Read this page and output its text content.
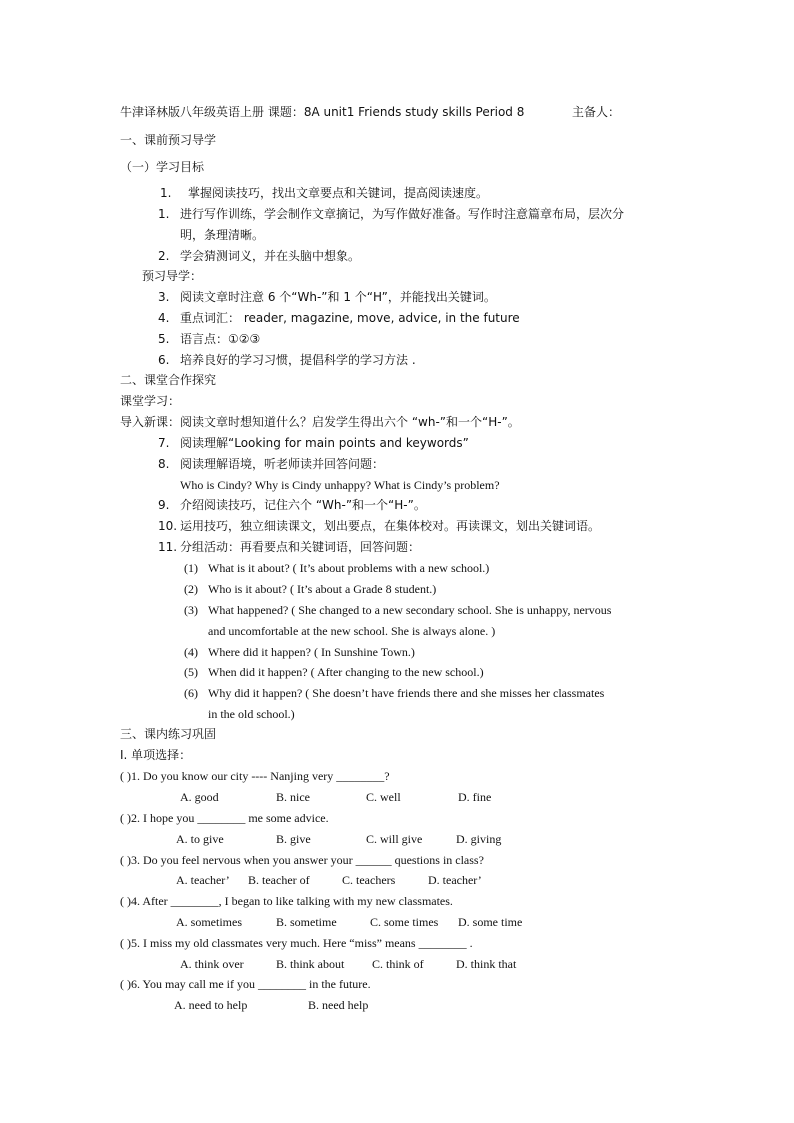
牛津译林版八年级英语上册 课题：8A unit1 Friends study skills Period 8	主备人：
一、课前预习导学
（一）学习目标
1. 掌握阅读技巧，找出文章要点和关键词，提高阅读速度。
1. 进行写作训练，学会制作文章摘记，为写作做好准备。写作时注意篇章布局，层次分
明，条理清晰。
2. 学会猜测词义，并在头脑中想象。
预习导学：
3. 阅读文章时注意 6 个“Wh-”和 1 个“H”，并能找出关键词。
4. 重点词汇： reader, magazine, move, advice, in the future
5. 语言点：①②③
6. 培养良好的学习习惯，提倡科学的学习方法 .
二、课堂合作探究
课堂学习：
导入新课：阅读文章时想知道什么？启发学生得出六个 “wh-”和一个“H-”。
7. 阅读理解“Looking for main points and keywords”
8. 阅读理解语境，听老师读并回答问题：
Who is Cindy? Why is Cindy unhappy? What is Cindy’s problem?
9. 介绍阅读技巧，记住六个 “Wh-”和一个“H-”。
10. 运用技巧，独立细读课文，划出要点，在集体校对。再读课文，划出关键词语。
11. 分组活动：再看要点和关键词语，回答问题：
(1) What is it about? ( It’s about problems with a new school.)
(2) Who is it about? ( It’s about a Grade 8 student.)
(3) What happened? ( She changed to a new secondary school. She is unhappy, nervous
and uncomfortable at the new school. She is always alone. )
(4) Where did it happen? ( In Sunshine Town.)
(5) When did it happen? ( After changing to the new school.)
(6) Why did it happen? ( She doesn’t have friends there and she misses her classmates
in the old school.)
三、课内练习巩固
Ⅰ. 单项选择：
( )1. Do you know our city ---- Nanjing very ________?
A. good	B. nice	C. well	D. fine
( )2. I hope you ________ me some advice.
A. to give	B. give	C. will give	D. giving
( )3. Do you feel nervous when you answer your ______ questions in class?
A. teacher’ B. teacher of	C. teachers	D. teacher’
( )4. After ________, I began to like talking with my new classmates.
A. sometimes	B. sometime	C. some times D. some time
( )5. I miss my old classmates very much. Here “miss” means ________ .
A. think over	B. think about C. think of	D. think that
( )6. You may call me if you ________ in the future.
A. need to help	B. need help
